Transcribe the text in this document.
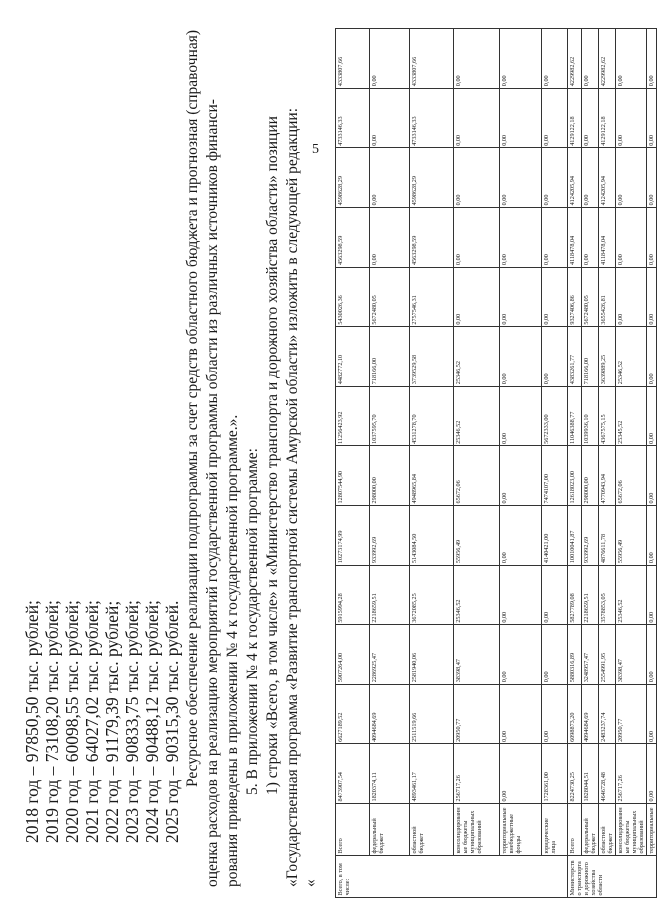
5
2018 год – 97850,50 тыс. рублей; 2019 год – 73108,20 тыс. рублей; 2020 год – 60098,55 тыс. рублей; 2021 год – 64027,02 тыс. рублей; 2022 год – 91179,39 тыс. рублей; 2023 год – 90833,75 тыс. рублей; 2024 год – 90488,12 тыс. рублей; 2025 год – 90315,30 тыс. рублей. Ресурсное обеспечение реализации подпрограммы за счет средств областного бюджета и прогнозная (справочная) оценка расходов на реализацию мероприятий государственной программы области из различных источников финанси- рования приведены в приложении № 4 к государственной программе.». 5. В приложении № 4 к государственной программе: 1) строки «Всего, в том числе» и «Министерство транспорта и дорожного хозяйства области» позиции «Государственная программа «Развитие транспортной системы Амурской области» изложить в следующей редакции: «	Всего, в том числе:	Всего	8473907,54	6627189,52	5907264,00	5915994,28	10273174,99	12807544,90	11256423,92	4482772,10	5430026,36	4563298,59	4598628,29	4733146,33	4333807,66
	федеральный бюджет	1820374,11	4094684,69	2286925,47	2218659,51	933992,69	298000,00	1037595,70	718166,00	5672480,05	0,00	0,00	0,00	0,00
	областной бюджет	4893461,17	2511519,66	2581940,06	3672085,25	5143084,50	4948965,84	4531278,70	3739529,58	2757546,31	4563298,59	4598628,29	4733146,33	4333807,66
	консолидированные бюджеты муниципальных образований	256717,26	20950,77	38398,47	25346,52	55956,49	65672,06	25346,52	25346,52	0,00	0,00	0,00	0,00	0,00
	территориальные внебюджетные фонды	0,00	0,00	0,00	0,00	0,00	0,00	0,00	0,00	0,00	0,00	0,00	0,00	0,00
	юридические лица	1728361,00	0,00	0,00	0,00	4140421,00	7474107,00	5672333,00	0,00	0,00	0,00	0,00	0,00	0,00
Министерство транспорта и дорожного хозяйства области	Всего	8224730,25	6098873,20	5880316,89	5827789,08	10010041,87	12618023,00	11046388,77	4383261,77	9327406,86	4118478,04	4124205,94	4129122,18	4229982,62
	федеральный бюджет	1828044,51	4094684,69	3248957,47	2218659,51	933992,69	298000,00	1039936,10	718166,00	5672480,05	0,00	0,00	0,00	0,00
	областной бюджет	4646728,48	2483237,74	2554991,95	3578853,05	4876611,78	4770943,94	4367575,15	3639889,25	3655426,81	4118478,04	4124205,94	4129122,18	4229982,62
	консолидированные бюджеты муниципальных образований	256717,26	20950,77	38398,47	25346,52	55956,49	65672,06	25345,52	25346,52	0,00	0,00	0,00	0,00	0,00
	территориальные	0,00	0,00	0,00	0,00	0,00	0,00	0,00	0,00	0,00	0,00	0,00	0,00	0,00
